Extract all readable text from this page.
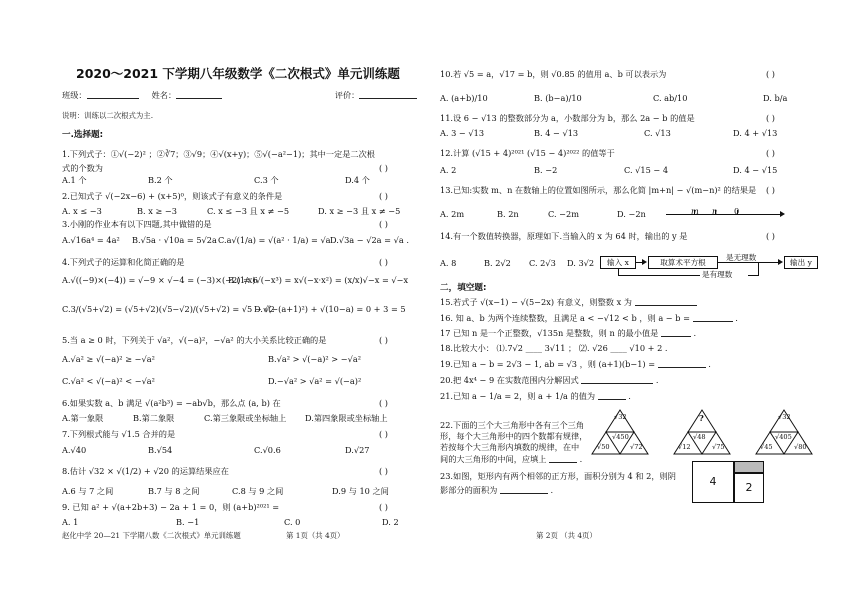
2020～2021 下学期八年级数学《二次根式》单元训练题
班级：	姓名：	评价：
说明：训练以二次根式为主.
一.选择题:
1.下列式子：①√(−2)² ；②∛7；③√9；④√(x+y)；⑤√(−a²−1)；其中一定是二次根
式的个数为	( )
A.1 个	B.2 个	C.3 个	D.4 个
2.已知式子 √(−2x−6) + (x+5)⁰，则该式子有意义的条件是	( )
A. x ≤ −3	B. x ≥ −3	C. x ≤ −3 且 x ≠ −5	D. x ≥ −3 且 x ≠ −5
3.小刚的作业本有以下四题,其中做错的是	( )
A.√16a⁴ = 4a² B.√5a · √10a = 5√2a C.a√(1/a) = √(a² · 1/a) = √a D.√3a − √2a = √a .
4.下列式子的运算和化简正确的是	( )
A.√((−9)×(−4)) = √−9 × √−4 = (−3)×(−2) = 6
B.(1/x)√(−x³) = x√(−x·x²) = (x/x)√−x = √−x
C.3/(√5+√2) = (√5+√2)(√5−√2)/(√5+√2) = √5 − √2
D.√(−(a+1)²) + √(10−a) = 0 + 3 = 5
5.当 a ≥ 0 时，下列关于 √a²，√(−a)²，−√a² 的大小关系比较正确的是	( )
A.√a² ≥ √(−a)² ≥ −√a²	B.√a² > √(−a)² > −√a²
C.√a² < √(−a)² < −√a²	D.−√a² > √a² = √(−a)²
6.如果实数 a、b 满足 √(a²b³) = −ab√b，那么点 (a, b) 在	( )
A.第一象限	B.第二象限	C.第三象限或坐标轴上 D.第四象限或坐标轴上
7.下列根式能与 √1.5 合并的是	( )
A.√40	B.√54	C.√0.6	D.√27
8.估计 √32 × √(1/2) + √20 的运算结果应在	( )
A.6 与 7 之间	B.7 与 8 之间	C.8 与 9 之间	D.9 与 10 之间
9. 已知 a² + √(a+2b+3) − 2a + 1 = 0，则 (a+b)²⁰²¹ =	( )
A. 1	B. −1	C. 0	D. 2
赵化中学 20—21 下学期八数《二次根式》单元训练题	第 1页（共 4页）
10.若 √5 = a，√17 = b，则 √0.85 的值用 a、b 可以表示为	( )
A. (a+b)/10	B. (b−a)/10	C. ab/10	D. b/a
11.设 6 − √13 的整数部分为 a，小数部分为 b，那么 2a − b 的值是	( )
A. 3 − √13	B. 4 − √13	C. √13	D. 4 + √13
12.计算 (√15 + 4)²⁰²¹ (√15 − 4)²⁰²² 的值等于	( )
A. 2	B. −2	C. √15 − 4	D. 4 − √15
13.已知:实数 m、n 在数轴上的位置如图所示，那么化简 |m+n| − √(m−n)² 的结果是 ( )
A. 2m	B. 2n	C. −2m	D. −2n	m n 0
14.有一个数值转换器，原理如下.当输入的 x 为 64 时，输出的 y 是	( )
A. 8	B. 2√2 C. 2√3 D. 3√2	输入 x	取算术平方根
是无理数
输出 y
是有理数
二，填空题:
15.若式子 √(x−1) − √(5−2x) 有意义，则整数 x 为
16. 知 a、b 为两个连续整数，且满足 a < −√12 < b ，则 a − b =	.
17 已知 n 是一个正整数，√135n 是整数，则 n 的最小值是	.
18.比较大小： ⑴.7√2 ____ 3√11 ； ⑵. √26 ____ √10 + 2 .
19.已知 a − b = 2√3 − 1, ab = √3 ，则 (a+1)(b−1) =	.
20.把 4x⁴ − 9 在实数范围内分解因式	.
21.已知 a − 1/a = 2，则 a + 1/a 的值为	.
22.下面的三个大三角形中各有三个三角
形，每个大三角形中的四个数都有规律，
若按每个大三角形内填数的规律，在中
间的大三角形的中间，应填上	.
√32
√450
√50	√72
?
√48
√12	√75
√32
√405
√45	√80
23.如图，矩形内有两个相邻的正方形，面积分别为 4 和 2，则阴
影部分的面积为	.
4	2
第 2页 （共 4页）
